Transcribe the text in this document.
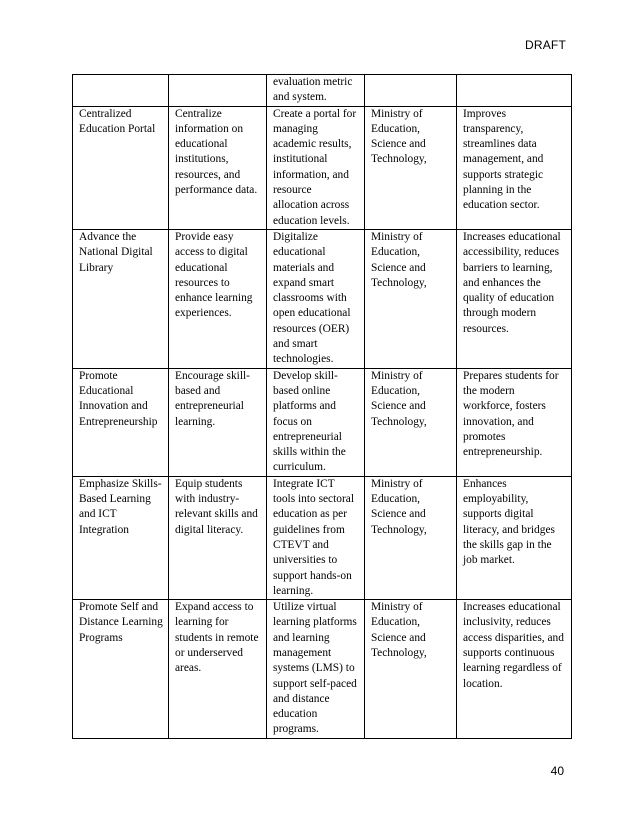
DRAFT
		evaluation metric and system.		
Centralized Education Portal	Centralize information on educational institutions, resources, and performance data.	Create a portal for managing academic results, institutional information, and resource allocation across education levels.	Ministry of Education, Science and Technology,	Improves transparency, streamlines data management, and supports strategic planning in the education sector.
Advance the National Digital Library	Provide easy access to digital educational resources to enhance learning experiences.	Digitalize educational materials and expand smart classrooms with open educational resources (OER) and smart technologies.	Ministry of Education, Science and Technology,	Increases educational accessibility, reduces barriers to learning, and enhances the quality of education through modern resources.
Promote Educational Innovation and Entrepreneurship	Encourage skill-based and entrepreneurial learning.	Develop skill-based online platforms and focus on entrepreneurial skills within the curriculum.	Ministry of Education, Science and Technology,	Prepares students for the modern workforce, fosters innovation, and promotes entrepreneurship.
Emphasize Skills-Based Learning and ICT Integration	Equip students with industry-relevant skills and digital literacy.	Integrate ICT tools into sectoral education as per guidelines from CTEVT and universities to support hands-on learning.	Ministry of Education, Science and Technology,	Enhances employability, supports digital literacy, and bridges the skills gap in the job market.
Promote Self and Distance Learning Programs	Expand access to learning for students in remote or underserved areas.	Utilize virtual learning platforms and learning management systems (LMS) to support self-paced and distance education programs.	Ministry of Education, Science and Technology,	Increases educational inclusivity, reduces access disparities, and supports continuous learning regardless of location.
40
